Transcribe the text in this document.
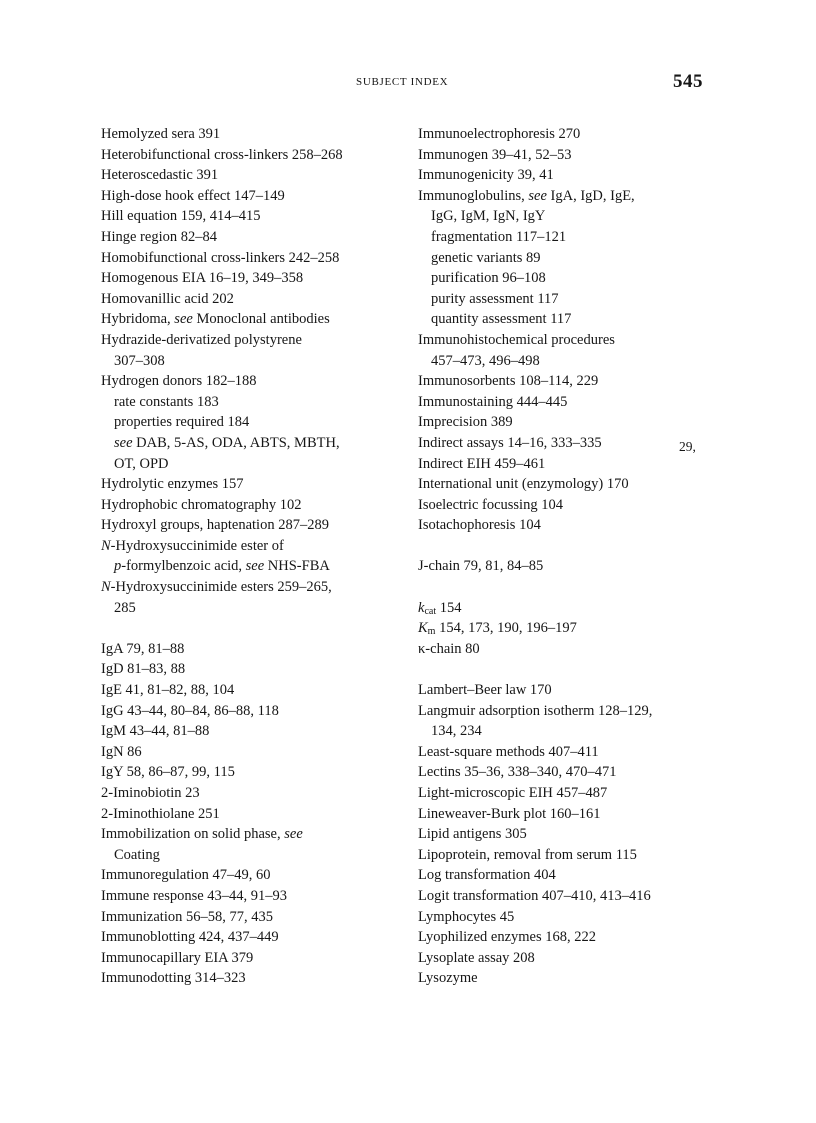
SUBJECT INDEX	545
Hemolyzed sera 391
Heterobifunctional cross-linkers 258–268
Heteroscedastic 391
High-dose hook effect 147–149
Hill equation 159, 414–415
Hinge region 82–84
Homobifunctional cross-linkers 242–258
Homogenous EIA 16–19, 349–358
Homovanillic acid 202
Hybridoma, see Monoclonal antibodies
Hydrazide-derivatized polystyrene
307–308
Hydrogen donors 182–188
rate constants 183
properties required 184
see DAB, 5-AS, ODA, ABTS, MBTH,
OT, OPD
Hydrolytic enzymes 157
Hydrophobic chromatography 102
Hydroxyl groups, haptenation 287–289
N-Hydroxysuccinimide ester of
p-formylbenzoic acid, see NHS-FBA
N-Hydroxysuccinimide esters 259–265,
285
IgA 79, 81–88
IgD 81–83, 88
IgE 41, 81–82, 88, 104
IgG 43–44, 80–84, 86–88, 118
IgM 43–44, 81–88
IgN 86
IgY 58, 86–87, 99, 115
2-Iminobiotin 23
2-Iminothiolane 251
Immobilization on solid phase, see
Coating
Immunoregulation 47–49, 60
Immune response 43–44, 91–93
Immunization 56–58, 77, 435
Immunoblotting 424, 437–449
Immunocapillary EIA 379
Immunodotting 314–323
Immunoelectrophoresis 270
Immunogen 39–41, 52–53
Immunogenicity 39, 41
Immunoglobulins, see IgA, IgD, IgE,
IgG, IgM, IgN, IgY
fragmentation 117–121
genetic variants 89
purification 96–108
purity assessment 117
quantity assessment 117
Immunohistochemical procedures
457–473, 496–498
Immunosorbents 108–114, 229
Immunostaining 444–445
Imprecision 389
Indirect assays 14–16, 333–335
Indirect EIH 459–461
International unit (enzymology) 170
Isoelectric focussing 104
Isotachophoresis 104
J-chain 79, 81, 84–85
$k_{cat}$ 154
$K_m$ 154, 173, 190, 196–197
κ-chain 80
Lambert–Beer law 170
Langmuir adsorption isotherm 128–129,
134, 234
Least-square methods 407–411
Lectins 35–36, 338–340, 470–471
Light-microscopic EIH 457–487
Lineweaver-Burk plot 160–161
Lipid antigens 305
Lipoprotein, removal from serum 115
Log transformation 404
Logit transformation 407–410, 413–416
Lymphocytes 45
Lyophilized enzymes 168, 222
Lysoplate assay 208
Lysozyme
29,
